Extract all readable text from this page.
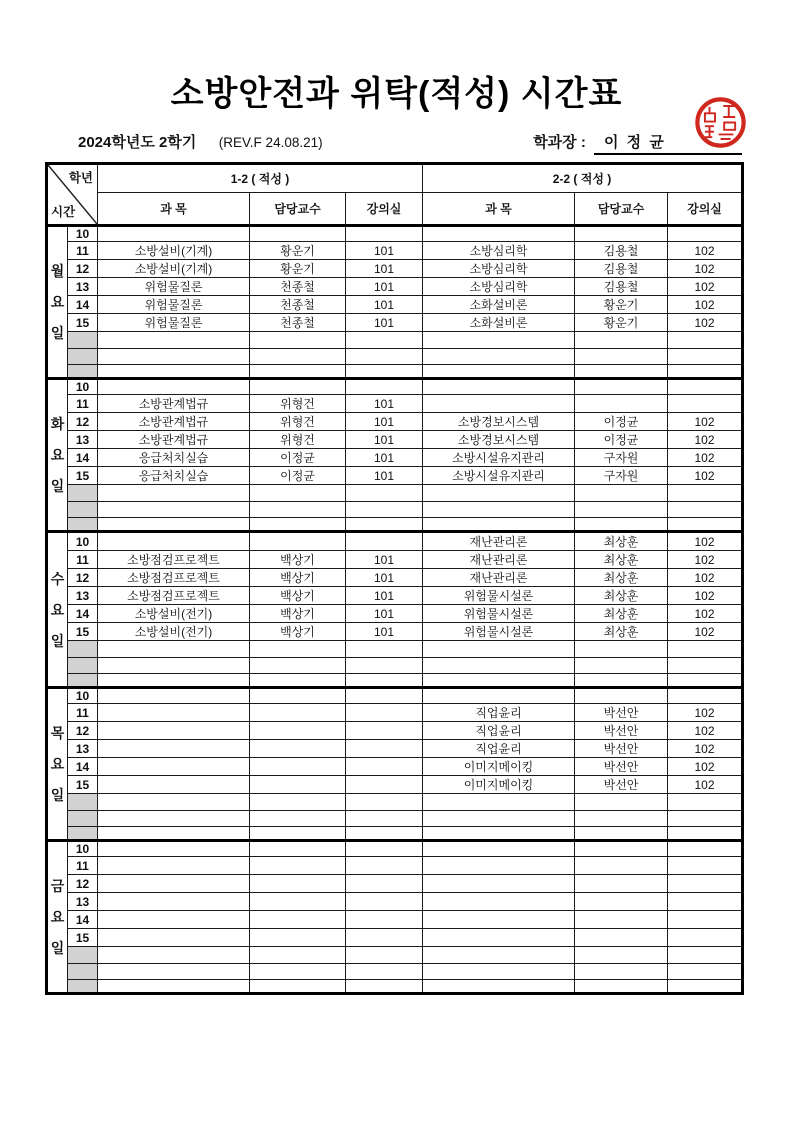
소방안전과 위탁(적성) 시간표
2024학년도 2학기 (REV.F 24.08.21)	학과장 : 이 정 균
학년
시간		1-2 ( 적성 )			2-2 ( 적성 )		
		과 목	담당교수	강의실	과 목	담당교수	강의실

월
요
일	10						
	11	소방설비(기계)	황운기	101	소방심리학	김용철	102
	12	소방설비(기계)	황운기	101	소방심리학	김용철	102
	13	위험물질론	천종철	101	소방심리학	김용철	102
	14	위험물질론	천종철	101	소화설비론	황운기	102
	15	위험물질론	천종철	101	소화설비론	황운기	102

화
요
일	10						
	11	소방관계법규	위형건	101			
	12	소방관계법규	위형건	101	소방경보시스템	이정균	102
	13	소방관계법규	위형건	101	소방경보시스템	이정균	102
	14	응급처치실습	이정균	101	소방시설유지관리	구자원	102
	15	응급처치실습	이정균	101	소방시설유지관리	구자원	102

수
요
일	10				재난관리론	최상훈	102
	11	소방점검프로젝트	백상기	101	재난관리론	최상훈	102
	12	소방점검프로젝트	백상기	101	재난관리론	최상훈	102
	13	소방점검프로젝트	백상기	101	위험물시설론	최상훈	102
	14	소방설비(전기)	백상기	101	위험물시설론	최상훈	102
	15	소방설비(전기)	백상기	101	위험물시설론	최상훈	102

목
요
일	10						
	11				직업윤리	박선안	102
	12				직업윤리	박선안	102
	13				직업윤리	박선안	102
	14				이미지메이킹	박선안	102
	15				이미지메이킹	박선안	102

금
요
일	10						
	11						
	12						
	13						
	14						
	15						
